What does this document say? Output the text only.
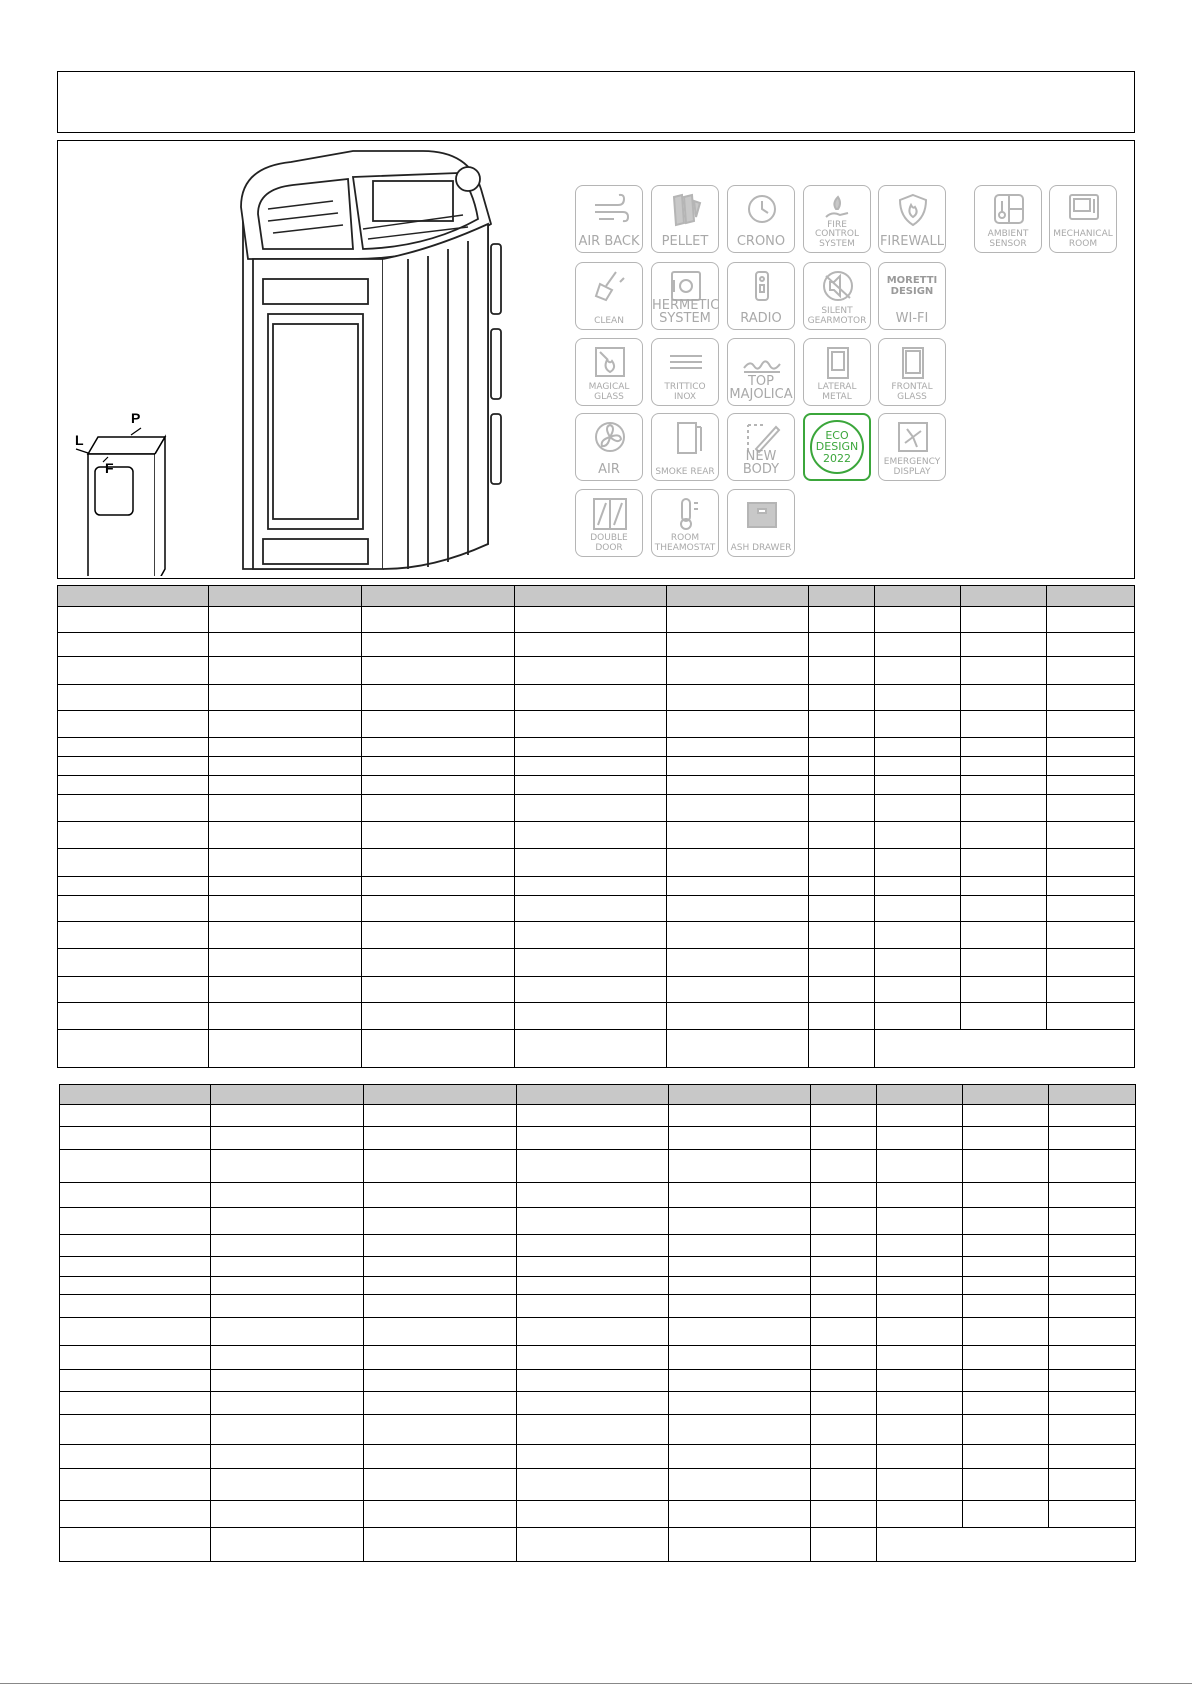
P
L
F
AIR BACK	PELLET	CRONO
FIRE CONTROL SYSTEM	FIREWALL
AMBIENT SENSOR
MECHANICAL ROOM
CLEAN
HERMETIC SYSTEM	RADIO
SILENT GEARMOTOR
MORETTI DESIGN
WI-FI
MAGICAL GLASS
TRITTICO INOX
TOP MAJOLICA
LATERAL METAL
FRONTAL GLASS
AIR	SMOKE REAR
NEW BODY
ECO
DESIGN
2022	EMERGENCY DISPLAY
DOUBLE DOOR
ROOM THEAMOSTAT	ASH DRAWER
